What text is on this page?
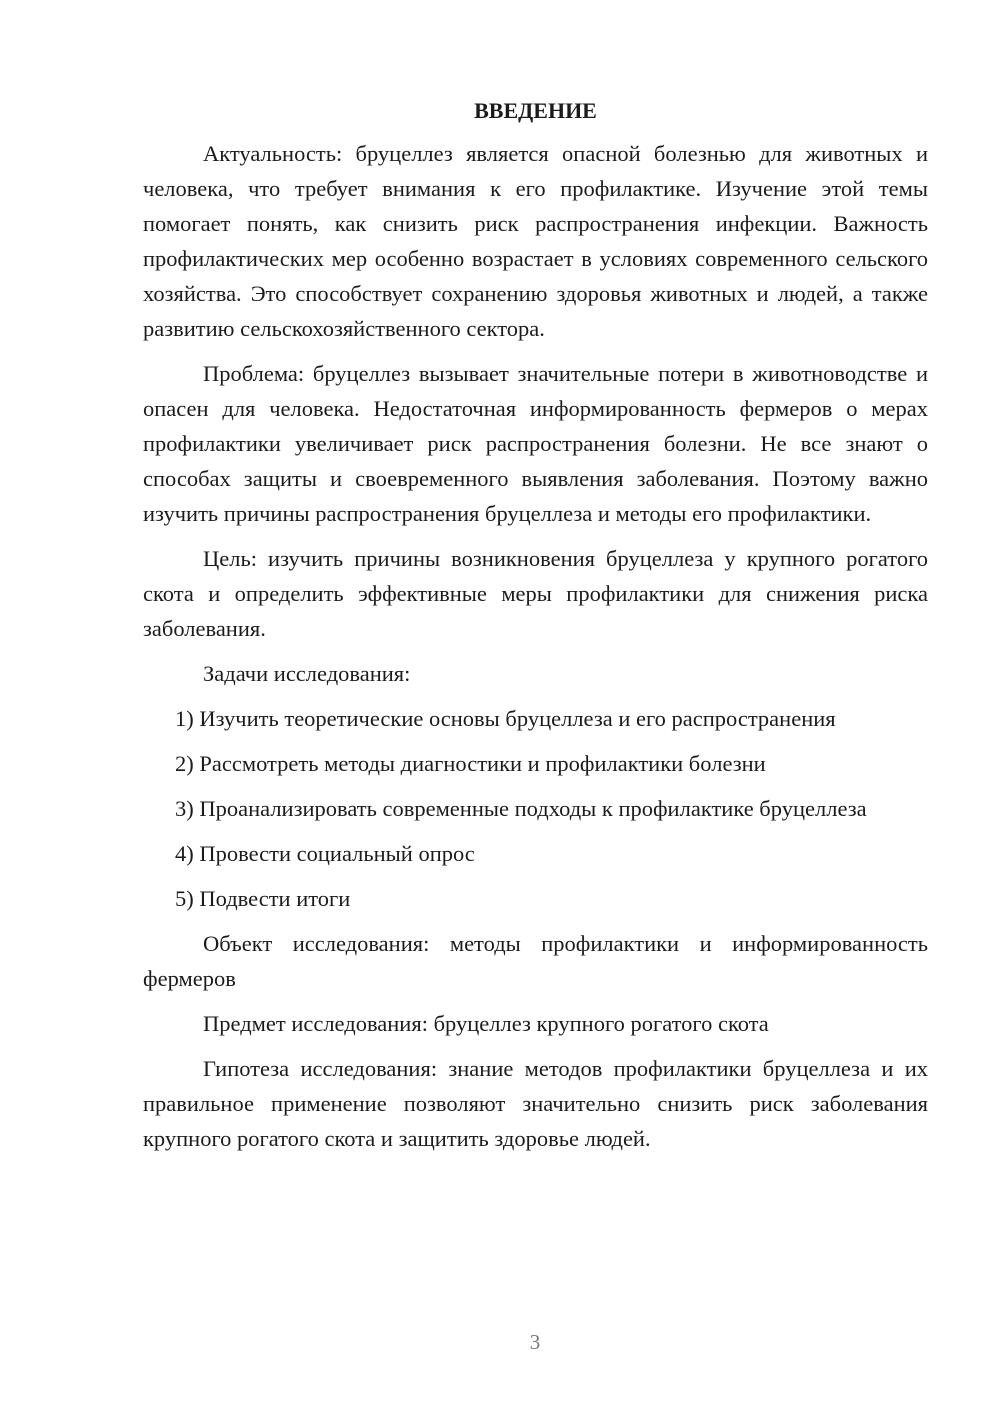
ВВЕДЕНИЕ

Актуальность: бруцеллез является опасной болезнью для животных и человека, что требует внимания к его профилактике. Изучение этой темы помогает понять, как снизить риск распространения инфекции. Важность профилактических мер особенно возрастает в условиях современного сельского хозяйства. Это способствует сохранению здоровья животных и людей, а также развитию сельскохозяйственного сектора.

Проблема: бруцеллез вызывает значительные потери в животноводстве и опасен для человека. Недостаточная информированность фермеров о мерах профилактики увеличивает риск распространения болезни. Не все знают о способах защиты и своевременного выявления заболевания. Поэтому важно изучить причины распространения бруцеллеза и методы его профилактики.

Цель: изучить причины возникновения бруцеллеза у крупного рогатого скота и определить эффективные меры профилактики для снижения риска заболевания.

Задачи исследования:

1) Изучить теоретические основы бруцеллеза и его распространения

2) Рассмотреть методы диагностики и профилактики болезни

3) Проанализировать современные подходы к профилактике бруцеллеза

4) Провести социальный опрос

5) Подвести итоги

Объект исследования: методы профилактики и информированность фермеров

Предмет исследования: бруцеллез крупного рогатого скота

Гипотеза исследования: знание методов профилактики бруцеллеза и их правильное применение позволяют значительно снизить риск заболевания крупного рогатого скота и защитить здоровье людей.

3
